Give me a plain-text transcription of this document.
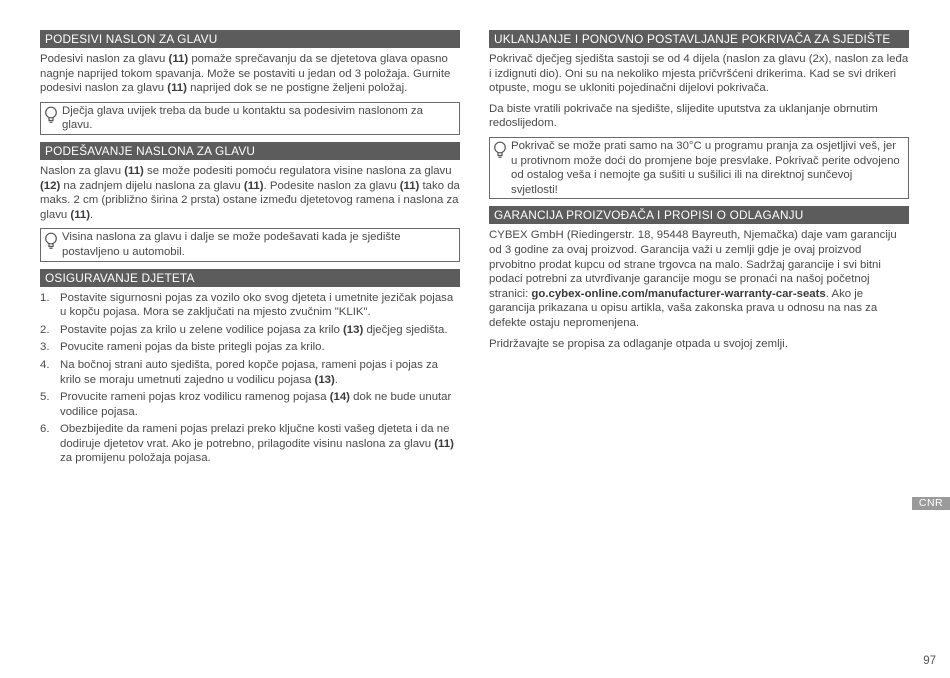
PODESIVI NASLON ZA GLAVU

Podesivi naslon za glavu (11) pomaže sprečavanju da se djetetova glava opasno nagnje naprijed tokom spavanja. Može se postaviti u jedan od 3 položaja. Gurnite podesivi naslon za glavu (11) naprijed dok se ne postigne željeni položaj.

Dječja glava uvijek treba da bude u kontaktu sa podesivim naslonom za glavu.
PODEŠAVANJE NASLONA ZA GLAVU

Naslon za glavu (11) se može podesiti pomoću regulatora visine naslona za glavu (12) na zadnjem dijelu naslona za glavu (11). Podesite naslon za glavu (11) tako da maks. 2 cm (približno širina 2 prsta) ostane između djetetovog ramena i naslona za glavu (11).

Visina naslona za glavu i dalje se može podešavati kada je sjedište postavljeno u automobil.
OSIGURAVANJE DJETETA
1. Postavite sigurnosni pojas za vozilo oko svog djeteta i umetnite jezičak pojasa u kopču pojasa. Mora se zaključati na mjesto zvučnim "KLIK".
2. Postavite pojas za krilo u zelene vodilice pojasa za krilo (13) dječjeg sjedišta.
3. Povucite rameni pojas da biste pritegli pojas za krilo.
4. Na bočnoj strani auto sjedišta, pored kopče pojasa, rameni pojas i pojas za krilo se moraju umetnuti zajedno u vodilicu pojasa (13).
5. Provucite rameni pojas kroz vodilicu ramenog pojasa (14) dok ne bude unutar vodilice pojasa.
6. Obezbijedite da rameni pojas prelazi preko ključne kosti vašeg djeteta i da ne dodiruje djetetov vrat. Ako je potrebno, prilagodite visinu naslona za glavu (11) za promijenu položaja pojasa.
UKLANJANJE I PONOVNO POSTAVLJANJE POKRIVAČA ZA SJEDIŠTE

Pokrivač dječjeg sjedišta sastoji se od 4 dijela (naslon za glavu (2x), naslon za leđa i izdignuti dio). Oni su na nekoliko mjesta pričvršćeni drikerima. Kad se svi drikeri otpuste, mogu se ukloniti pojedinačni dijelovi pokrivača.

Da biste vratili pokrivače na sjedište, slijedite uputstva za uklanjanje obrnutim redoslijedom.

Pokrivač se može prati samo na 30°C u programu pranja za osjetljivi veš, jer u protivnom može doći do promjene boje presvlake. Pokrivač perite odvojeno od ostalog veša i nemojte ga sušiti u sušilici ili na direktnoj sunčevoj svjetlosti!
GARANCIJA PROIZVOĐAČA I PROPISI O ODLAGANJU

CYBEX GmbH (Riedingerstr. 18, 95448 Bayreuth, Njemačka) daje vam garanciju od 3 godine za ovaj proizvod. Garancija važi u zemlji gdje je ovaj proizvod prvobitno prodat kupcu od strane trgovca na malo. Sadržaj garancije i svi bitni podaci potrebni za utvrđivanje garancije mogu se pronaći na našoj početnoj stranici: go.cybex-online.com/manufacturer-warranty-car-seats. Ako je garancija prikazana u opisu artikla, vaša zakonska prava u odnosu na nas za defekte ostaju nepromenjena.

Pridržavajte se propisa za odlaganje otpada u svojoj zemlji.

CNR
97
